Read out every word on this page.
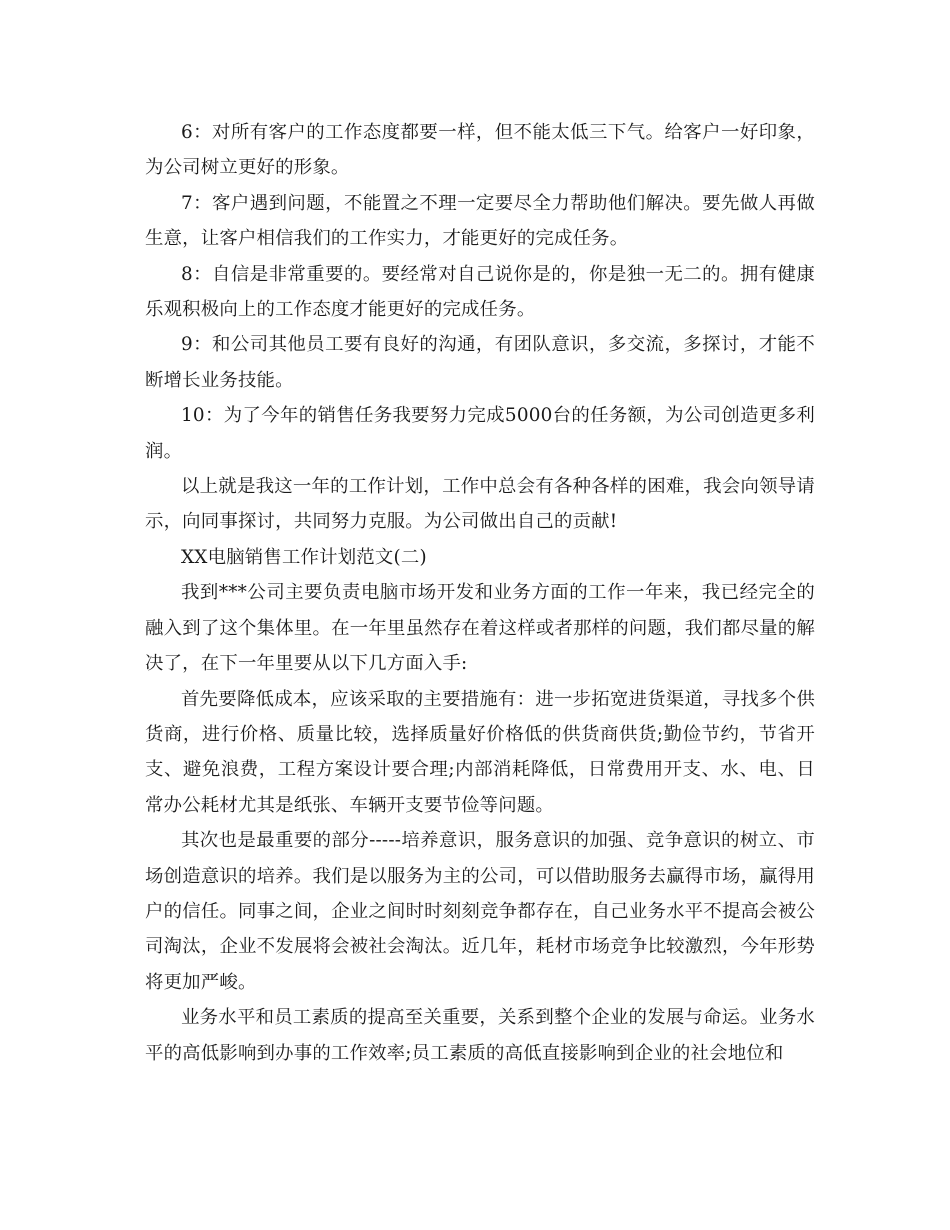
6：对所有客户的工作态度都要一样，但不能太低三下气。给客户一好印象，为公司树立更好的形象。

7：客户遇到问题，不能置之不理一定要尽全力帮助他们解决。要先做人再做生意，让客户相信我们的工作实力，才能更好的完成任务。

8：自信是非常重要的。要经常对自己说你是的，你是独一无二的。拥有健康乐观积极向上的工作态度才能更好的完成任务。

9：和公司其他员工要有良好的沟通，有团队意识，多交流，多探讨，才能不断增长业务技能。

10：为了今年的销售任务我要努力完成5000台的任务额，为公司创造更多利润。

以上就是我这一年的工作计划，工作中总会有各种各样的困难，我会向领导请示，向同事探讨，共同努力克服。为公司做出自己的贡献!

XX电脑销售工作计划范文(二)

我到***公司主要负责电脑市场开发和业务方面的工作一年来，我已经完全的融入到了这个集体里。在一年里虽然存在着这样或者那样的问题，我们都尽量的解决了，在下一年里要从以下几方面入手:

首先要降低成本，应该采取的主要措施有：进一步拓宽进货渠道，寻找多个供货商，进行价格、质量比较，选择质量好价格低的供货商供货;勤俭节约，节省开支、避免浪费，工程方案设计要合理;内部消耗降低，日常费用开支、水、电、日常办公耗材尤其是纸张、车辆开支要节俭等问题。

其次也是最重要的部分-----培养意识，服务意识的加强、竞争意识的树立、市场创造意识的培养。我们是以服务为主的公司，可以借助服务去赢得市场，赢得用户的信任。同事之间，企业之间时时刻刻竞争都存在，自己业务水平不提高会被公司淘汰，企业不发展将会被社会淘汰。近几年，耗材市场竞争比较激烈，今年形势将更加严峻。

业务水平和员工素质的提高至关重要，关系到整个企业的发展与命运。业务水平的高低影响到办事的工作效率;员工素质的高低直接影响到企业的社会地位和
